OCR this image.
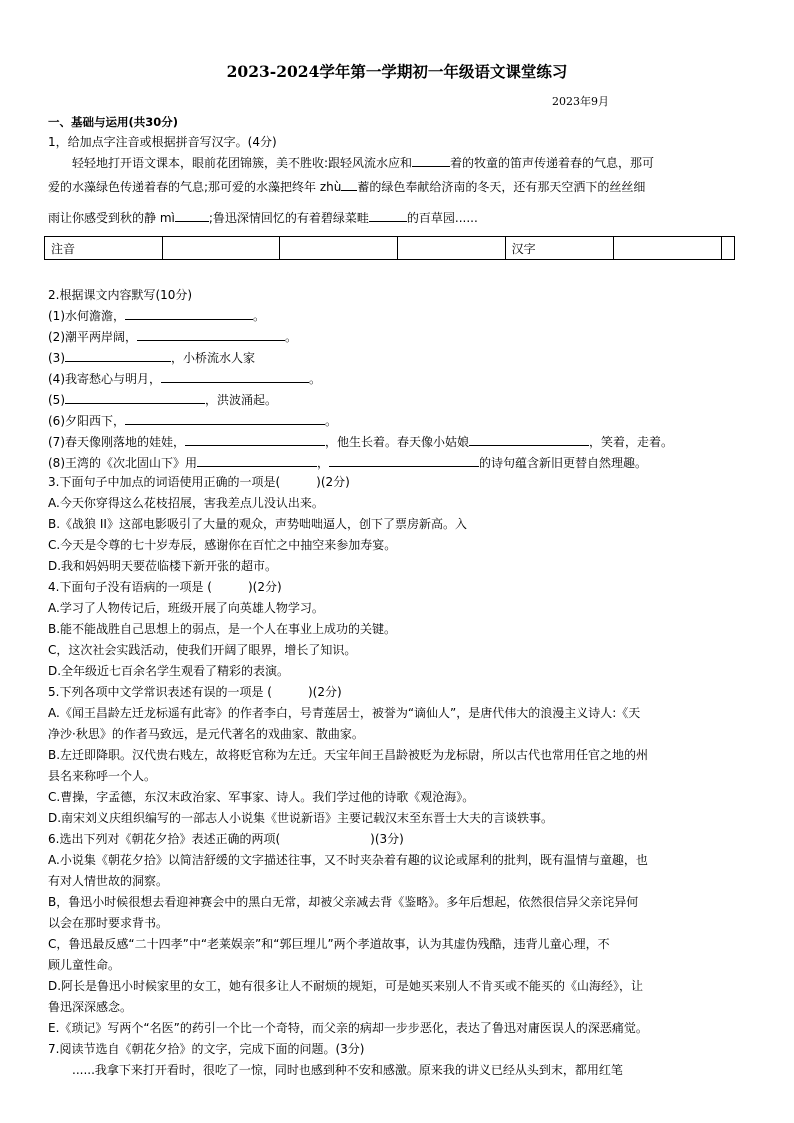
2023-2024学年第一学期初一年级语文课堂练习
2023年9月
一、基础与运用(共30分)
1，给加点字注音或根据拼音写汉字。(4分)
轻轻地打开语文课本，眼前花团锦簇，美不胜收:跟轻风流水应和	着的牧童的笛声传递着春的气息，那可
爱的水藻绿色传递着春的气息;那可爱的水藻把终年 zhù 蓄的绿色奉献给济南的冬天，还有那天空洒下的丝丝细
雨让你感受到秋的静 mì	;鲁迅深情回忆的有着碧绿菜畦	的百草园......
注音				汉字		
2.根据课文内容默写(10分)
(1)水何澹澹，	。
(2)潮平两岸阔，	。
(3)	，小桥流水人家
(4)我寄愁心与明月，	。
(5)	，洪波涌起。
(6)夕阳西下，	。
(7)春天像刚落地的娃娃，	，他生长着。春天像小姑娘	，笑着，走着。
(8)王湾的《次北固山下》用	，	的诗句蕴含新旧更替自然理趣。
3.下面句子中加点的词语使用正确的一项是(	)(2分)
A.今天你穿得这么花枝招展，害我差点儿没认出来。
B.《战狼 II》这部电影吸引了大量的观众，声势咄咄逼人，创下了票房新高。入
C.今天是令尊的七十岁寿辰，感谢你在百忙之中抽空来参加寿宴。
D.我和妈妈明天要莅临楼下新开张的超市。
4.下面句子没有语病的一项是 (	)(2分)
A.学习了人物传记后，班级开展了向英雄人物学习。
B.能不能战胜自己思想上的弱点，是一个人在事业上成功的关键。
C，这次社会实践活动，使我们开阔了眼界，增长了知识。
D.全年级近七百余名学生观看了精彩的表演。
5.下列各项中文学常识表述有误的一项是 (	)(2分)
A.《闻王昌龄左迁龙标遥有此寄》的作者李白，号青莲居士，被誉为“谪仙人”，是唐代伟大的浪漫主义诗人:《天
净沙·秋思》的作者马致远，是元代著名的戏曲家、散曲家。
B.左迁即降职。汉代贵右贱左，故将贬官称为左迁。天宝年间王昌龄被贬为龙标尉，所以古代也常用任官之地的州
县名来称呼一个人。
C.曹操，字孟德，东汉末政治家、军事家、诗人。我们学过他的诗歌《观沧海》。
D.南宋刘义庆组织编写的一部志人小说集《世说新语》主要记载汉末至东晋士大夫的言谈轶事。
6.选出下列对《朝花夕拾》表述正确的两项(	)(3分)
A.小说集《朝花夕拾》以简洁舒缓的文字描述往事，又不时夹杂着有趣的议论或犀利的批判，既有温情与童趣，也
有对人情世故的洞察。
B，鲁迅小时候很想去看迎神赛会中的黑白无常，却被父亲减去背《鉴略》。多年后想起，依然很信异父亲诧异何
以会在那时要求背书。
C，鲁迅最反感“二十四孝”中“老莱娱亲”和“郭巨埋儿”两个孝道故事，认为其虚伪残酷，违背儿童心理，不
顾儿童性命。
D.阿长是鲁迅小时候家里的女工，她有很多让人不耐烦的规矩，可是她买来别人不肯买或不能买的《山海经》，让
鲁迅深深感念。
E.《琐记》写两个“名医”的药引一个比一个奇特，而父亲的病却一步步恶化，表达了鲁迅对庸医误人的深恶痛觉。
7.阅读节选自《朝花夕拾》的文字，完成下面的问题。(3分)
......我拿下来打开看时，很吃了一惊，同时也感到种不安和感激。原来我的讲义已经从头到末，都用红笔
